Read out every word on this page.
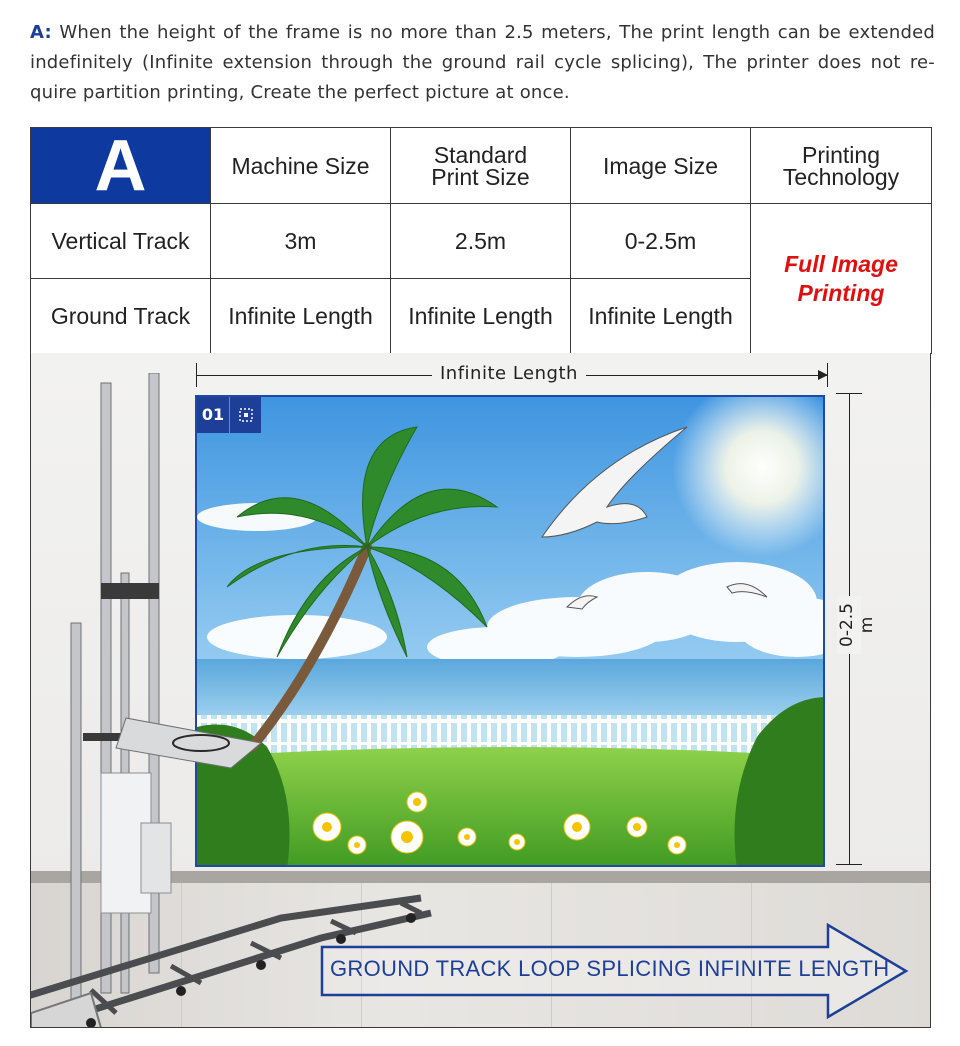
A: When the height of the frame is no more than 2.5 meters, The print length can be extended indefinitely (Infinite extension through the ground rail cycle splicing), The printer does not re-quire partition printing, Create the perfect picture at once.
A	Machine Size	Standard Print Size	Image Size	Printing Technology

Vertical Track	3m	2.5m	0-2.5m	Full Image Printing

Ground Track	Infinite Length	Infinite Length	Infinite Length	
Infinite Length
0-2.5 m
01
GROUND TRACK LOOP SPLICING INFINITE LENGTH
